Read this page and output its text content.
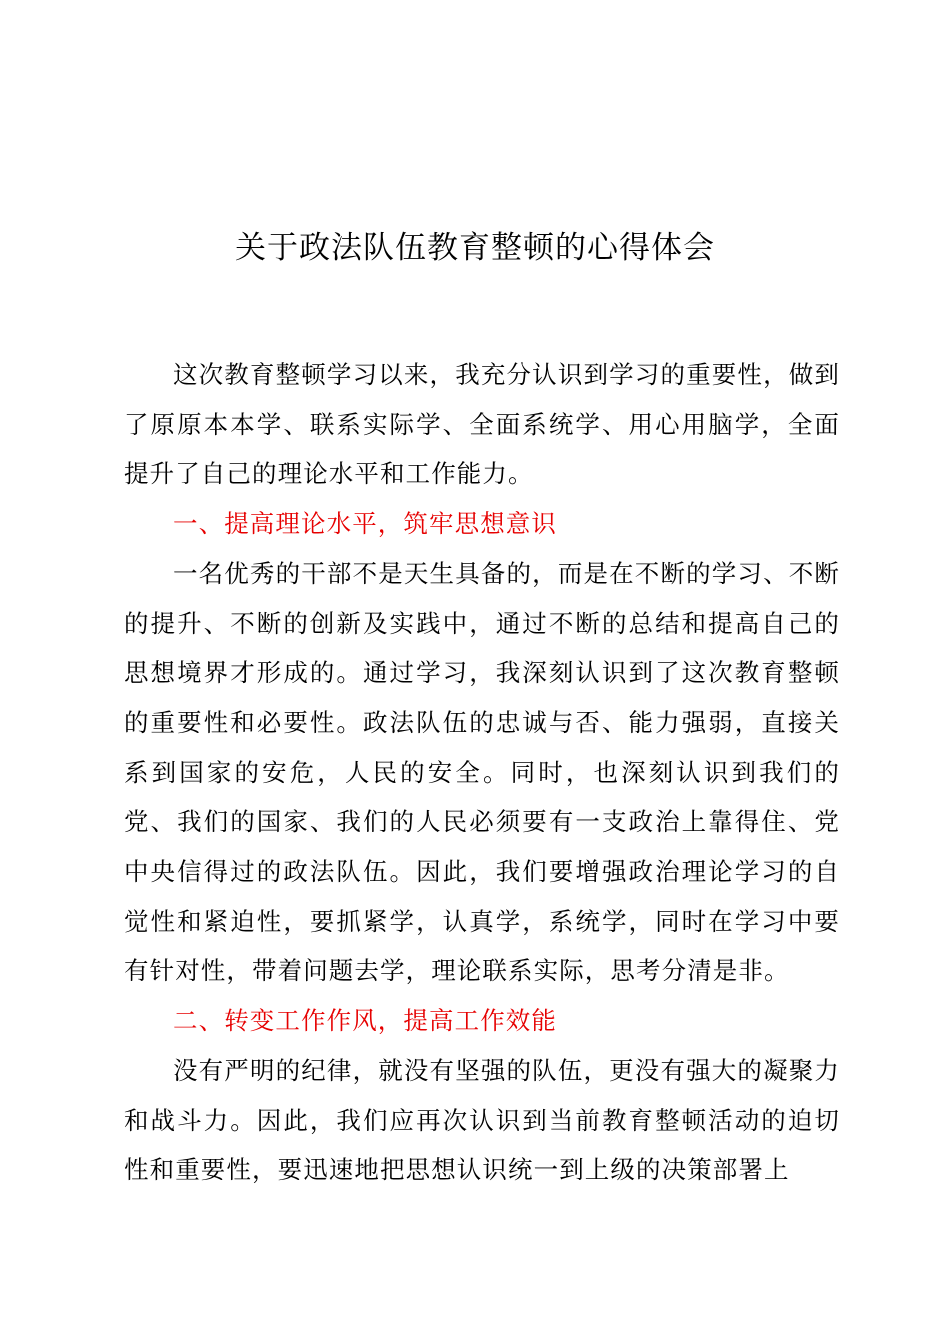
关于政法队伍教育整顿的心得体会

这次教育整顿学习以来，我充分认识到学习的重要性，做到了原原本本学、联系实际学、全面系统学、用心用脑学，全面提升了自己的理论水平和工作能力。

一、提高理论水平，筑牢思想意识

一名优秀的干部不是天生具备的，而是在不断的学习、不断的提升、不断的创新及实践中，通过不断的总结和提高自己的思想境界才形成的。通过学习，我深刻认识到了这次教育整顿的重要性和必要性。政法队伍的忠诚与否、能力强弱，直接关系到国家的安危，人民的安全。同时，也深刻认识到我们的党、我们的国家、我们的人民必须要有一支政治上靠得住、党中央信得过的政法队伍。因此，我们要增强政治理论学习的自觉性和紧迫性，要抓紧学，认真学，系统学，同时在学习中要有针对性，带着问题去学，理论联系实际，思考分清是非。

二、转变工作作风，提高工作效能

没有严明的纪律，就没有坚强的队伍，更没有强大的凝聚力和战斗力。因此，我们应再次认识到当前教育整顿活动的迫切性和重要性，要迅速地把思想认识统一到上级的决策部署上
